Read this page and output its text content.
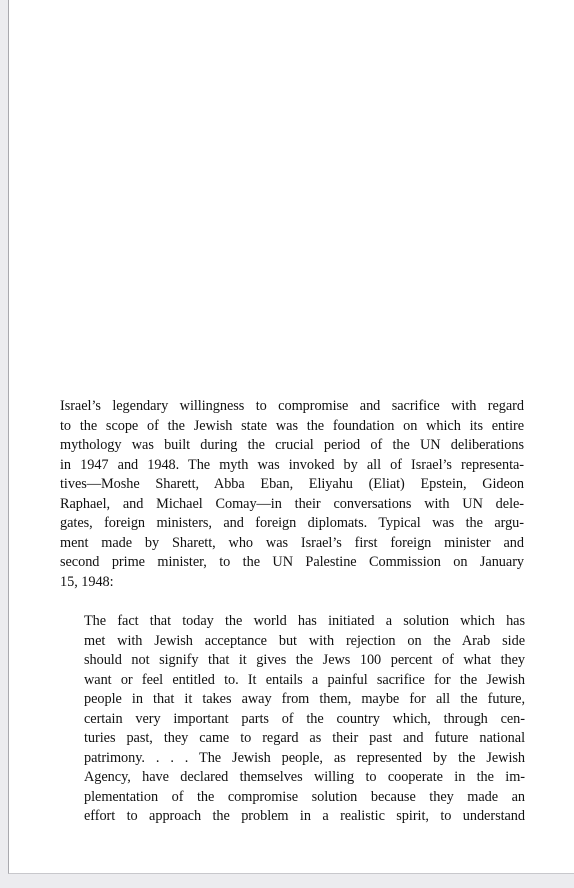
Israel’s legendary willingness to compromise and sacrifice with regard
to the scope of the Jewish state was the foundation on which its entire
mythology was built during the crucial period of the UN deliberations
in 1947 and 1948. The myth was invoked by all of Israel’s representa-
tives—Moshe Sharett, Abba Eban, Eliyahu (Eliat) Epstein, Gideon
Raphael, and Michael Comay—in their conversations with UN dele-
gates, foreign ministers, and foreign diplomats. Typical was the argu-
ment made by Sharett, who was Israel’s first foreign minister and
second prime minister, to the UN Palestine Commission on January
15, 1948:

The fact that today the world has initiated a solution which has
met with Jewish acceptance but with rejection on the Arab side
should not signify that it gives the Jews 100 percent of what they
want or feel entitled to. It entails a painful sacrifice for the Jewish
people in that it takes away from them, maybe for all the future,
certain very important parts of the country which, through cen-
turies past, they came to regard as their past and future national
patrimony. . . . The Jewish people, as represented by the Jewish
Agency, have declared themselves willing to cooperate in the im-
plementation of the compromise solution because they made an
effort to approach the problem in a realistic spirit, to understand
